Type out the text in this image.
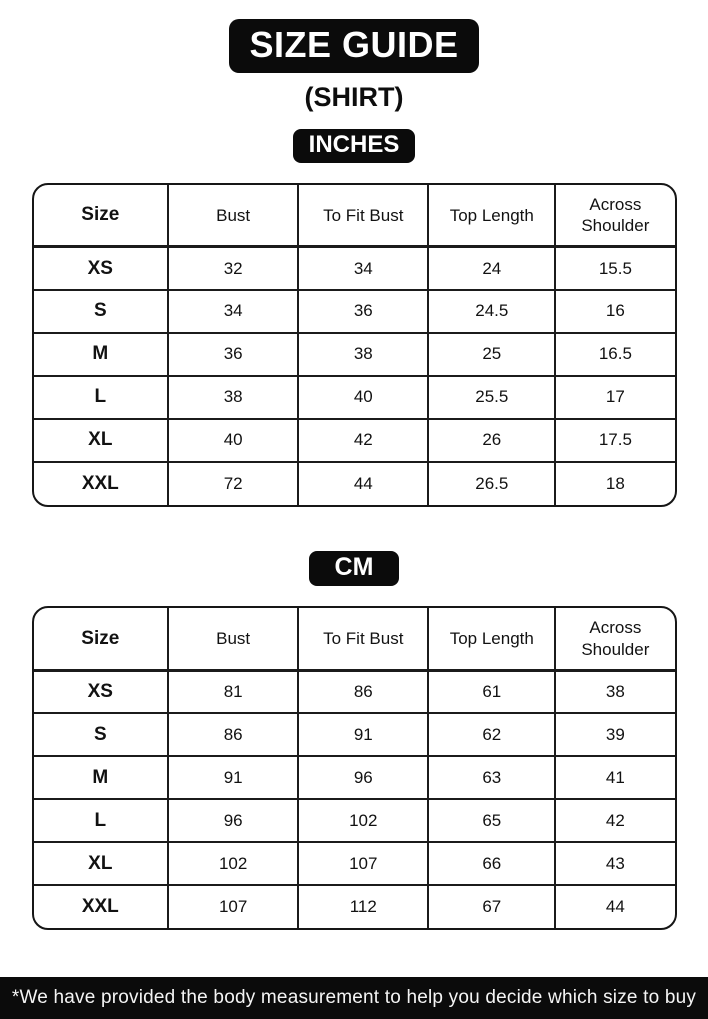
SIZE GUIDE
(SHIRT)
INCHES
Size	Bust	To Fit Bust	Top Length	Across Shoulder
XS	32	34	24	15.5
S	34	36	24.5	16
M	36	38	25	16.5
L	38	40	25.5	17
XL	40	42	26	17.5
XXL	72	44	26.5	18
CM
Size	Bust	To Fit Bust	Top Length	Across Shoulder
XS	81	86	61	38
S	86	91	62	39
M	91	96	63	41
L	96	102	65	42
XL	102	107	66	43
XXL	107	112	67	44
*We have provided the body measurement to help you decide which size to buy
